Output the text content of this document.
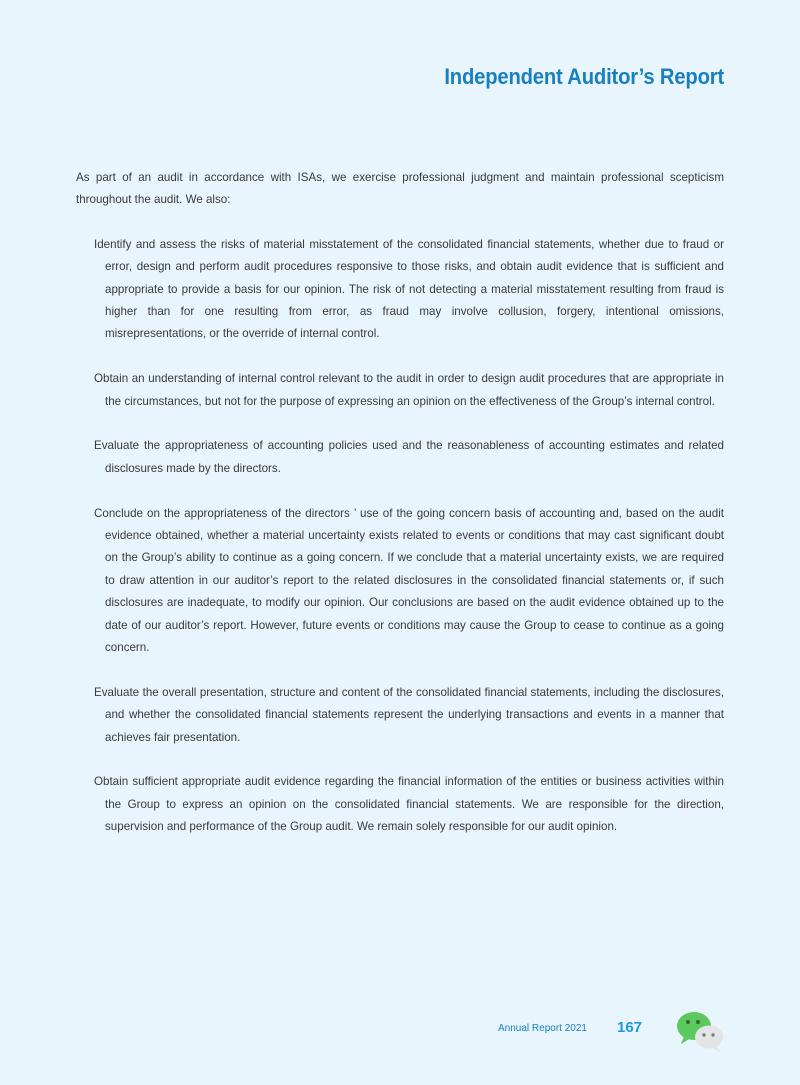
Independent Auditor’s Report

As part of an audit in accordance with ISAs, we exercise professional judgment and maintain professional scepticism throughout the audit. We also:

Identify and assess the risks of material misstatement of the consolidated financial statements, whether due to fraud or error, design and perform audit procedures responsive to those risks, and obtain audit evidence that is sufficient and appropriate to provide a basis for our opinion. The risk of not detecting a material misstatement resulting from fraud is higher than for one resulting from error, as fraud may involve collusion, forgery, intentional omissions, misrepresentations, or the override of internal control.

Obtain an understanding of internal control relevant to the audit in order to design audit procedures that are appropriate in the circumstances, but not for the purpose of expressing an opinion on the effectiveness of the Group’s internal control.

Evaluate the appropriateness of accounting policies used and the reasonableness of accounting estimates and related disclosures made by the directors.

Conclude on the appropriateness of the directors ’ use of the going concern basis of accounting and, based on the audit evidence obtained, whether a material uncertainty exists related to events or conditions that may cast significant doubt on the Group’s ability to continue as a going concern. If we conclude that a material uncertainty exists, we are required to draw attention in our auditor’s report to the related disclosures in the consolidated financial statements or, if such disclosures are inadequate, to modify our opinion. Our conclusions are based on the audit evidence obtained up to the date of our auditor’s report. However, future events or conditions may cause the Group to cease to continue as a going concern.

Evaluate the overall presentation, structure and content of the consolidated financial statements, including the disclosures, and whether the consolidated financial statements represent the underlying transactions and events in a manner that achieves fair presentation.

Obtain sufficient appropriate audit evidence regarding the financial information of the entities or business activities within the Group to express an opinion on the consolidated financial statements. We are responsible for the direction, supervision and performance of the Group audit. We remain solely responsible for our audit opinion.

Annual Report 2021 167
